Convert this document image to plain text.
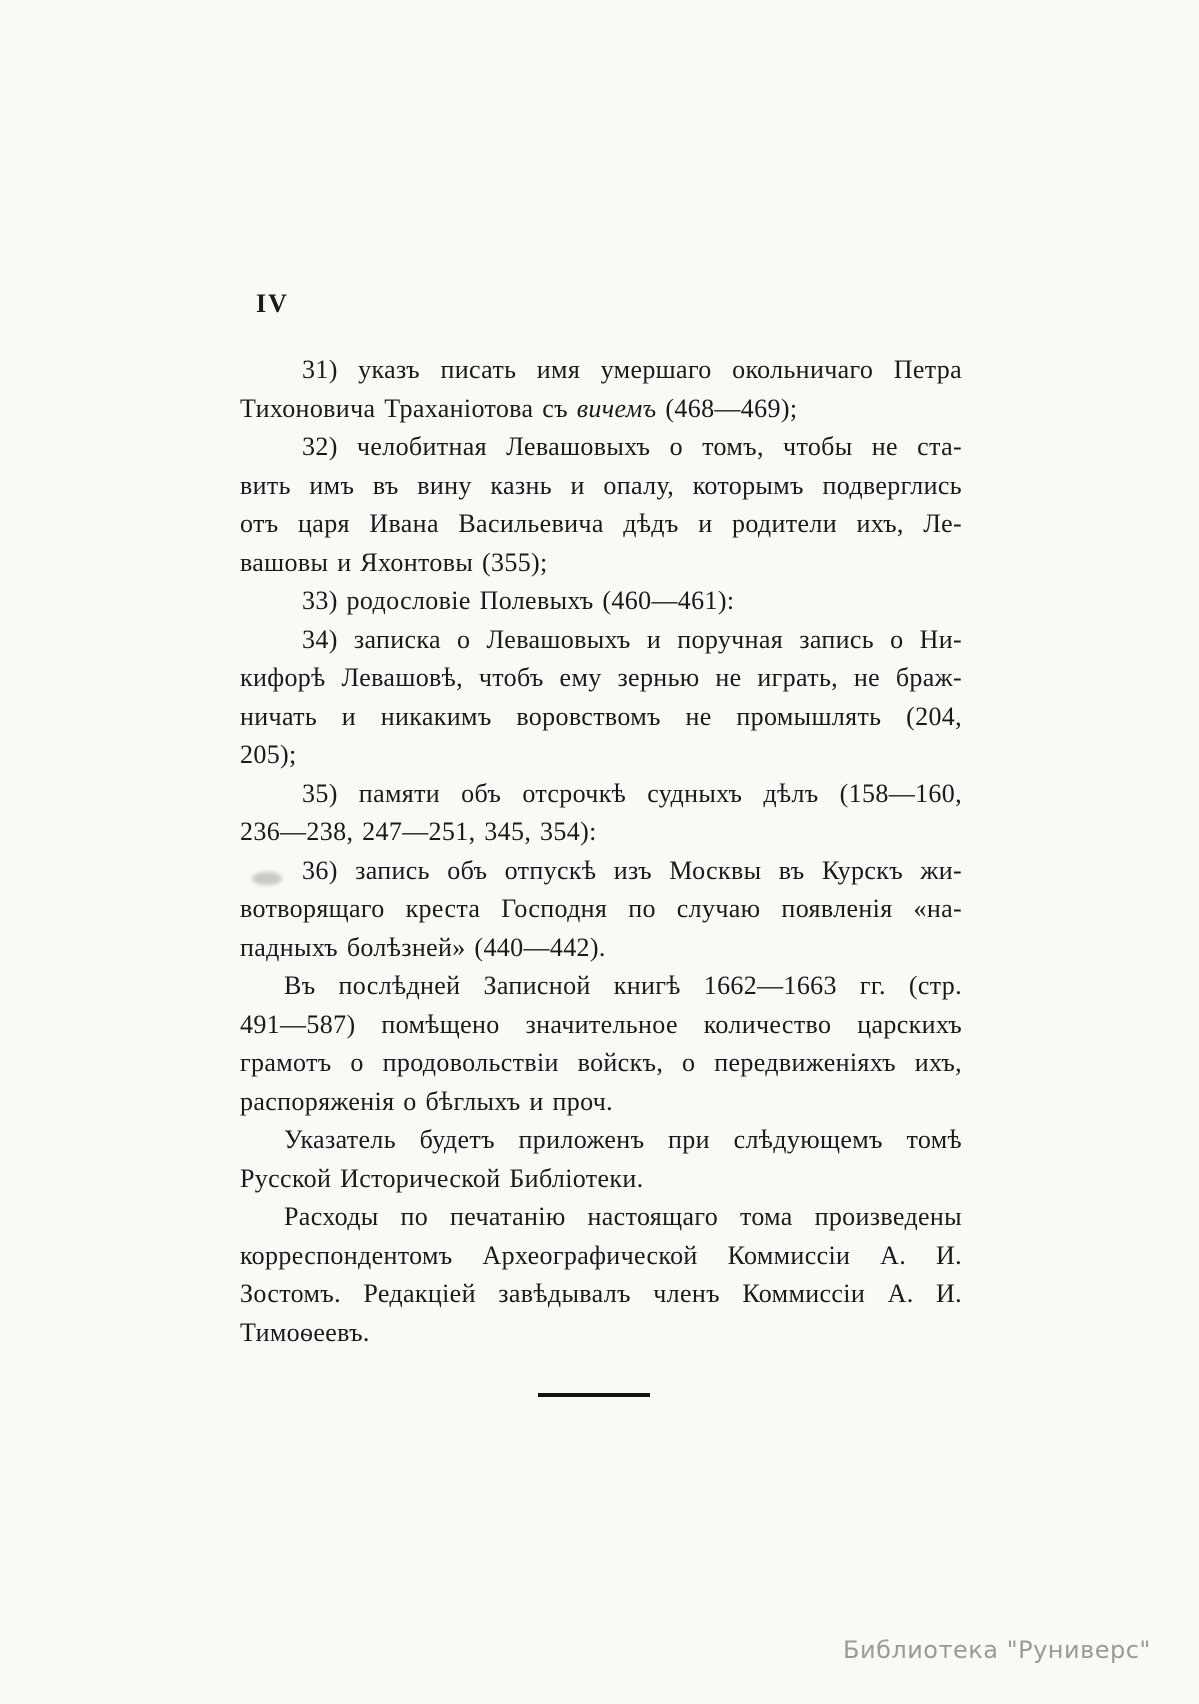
IV
31) указъ писать имя умершаго окольничаго Петра
Тихоновича Траханіотова съ вичемъ (468—469);
32) челобитная Левашовыхъ о томъ, чтобы не ста-
вить имъ въ вину казнь и опалу, которымъ подверглись
отъ царя Ивана Васильевича дѣдъ и родители ихъ, Ле-
вашовы и Яхонтовы (355);
33) родословіе Полевыхъ (460—461):
34) записка о Левашовыхъ и поручная запись о Ни-
кифорѣ Левашовѣ, чтобъ ему зернью не играть, не браж-
ничать и никакимъ воровствомъ не промышлять (204,
205);
35) памяти объ отсрочкѣ судныхъ дѣлъ (158—160,
236—238, 247—251, 345, 354):
36) запись объ отпускѣ изъ Москвы въ Курскъ жи-
вотворящаго креста Господня по случаю появленія «на-
падныхъ болѣзней» (440—442).
Въ послѣдней Записной книгѣ 1662—1663 гг. (стр.
491—587) помѣщено значительное количество царскихъ
грамотъ о продовольствіи войскъ, о передвиженіяхъ ихъ,
распоряженія о бѣглыхъ и проч.
Указатель будетъ приложенъ при слѣдующемъ томѣ
Русской Исторической Библіотеки.
Расходы по печатанію настоящаго тома произведены
корреспондентомъ Археографической Коммиссіи А. И.
Зостомъ. Редакціей завѣдывалъ членъ Коммиссіи А. И.
Тимоѳеевъ.
Библиотека "Руниверс"
